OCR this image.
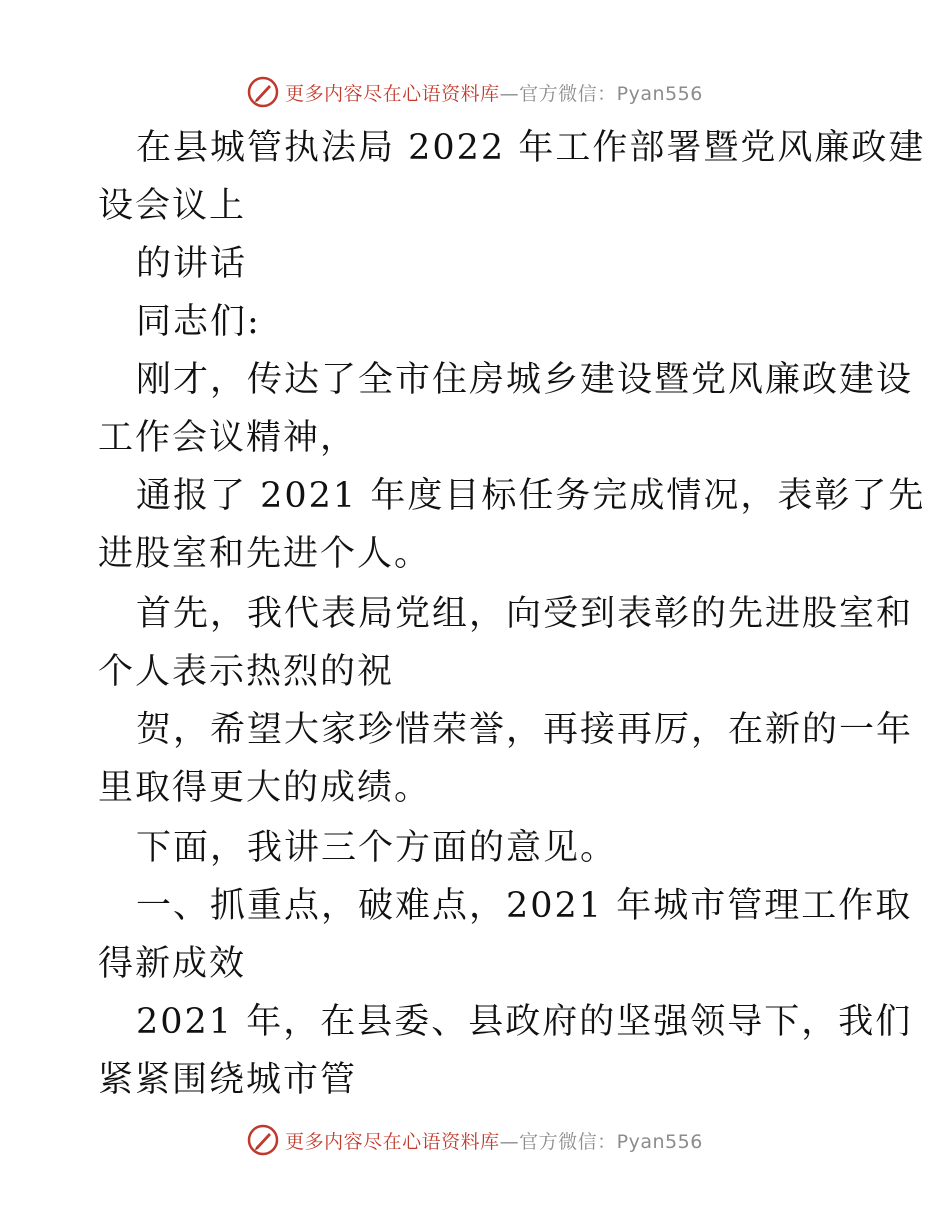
更多内容尽在心语资料库—官方微信：Pyan556
在县城管执法局 2022 年工作部署暨党风廉政建
设会议上
的讲话
同志们:
刚才，传达了全市住房城乡建设暨党风廉政建设
工作会议精神，
通报了 2021 年度目标任务完成情况，表彰了先
进股室和先进个人。
首先，我代表局党组，向受到表彰的先进股室和
个人表示热烈的祝
贺，希望大家珍惜荣誉，再接再厉，在新的一年
里取得更大的成绩。
下面，我讲三个方面的意见。
一、抓重点，破难点，2021 年城市管理工作取
得新成效
2021 年，在县委、县政府的坚强领导下，我们
紧紧围绕城市管
更多内容尽在心语资料库—官方微信：Pyan556
